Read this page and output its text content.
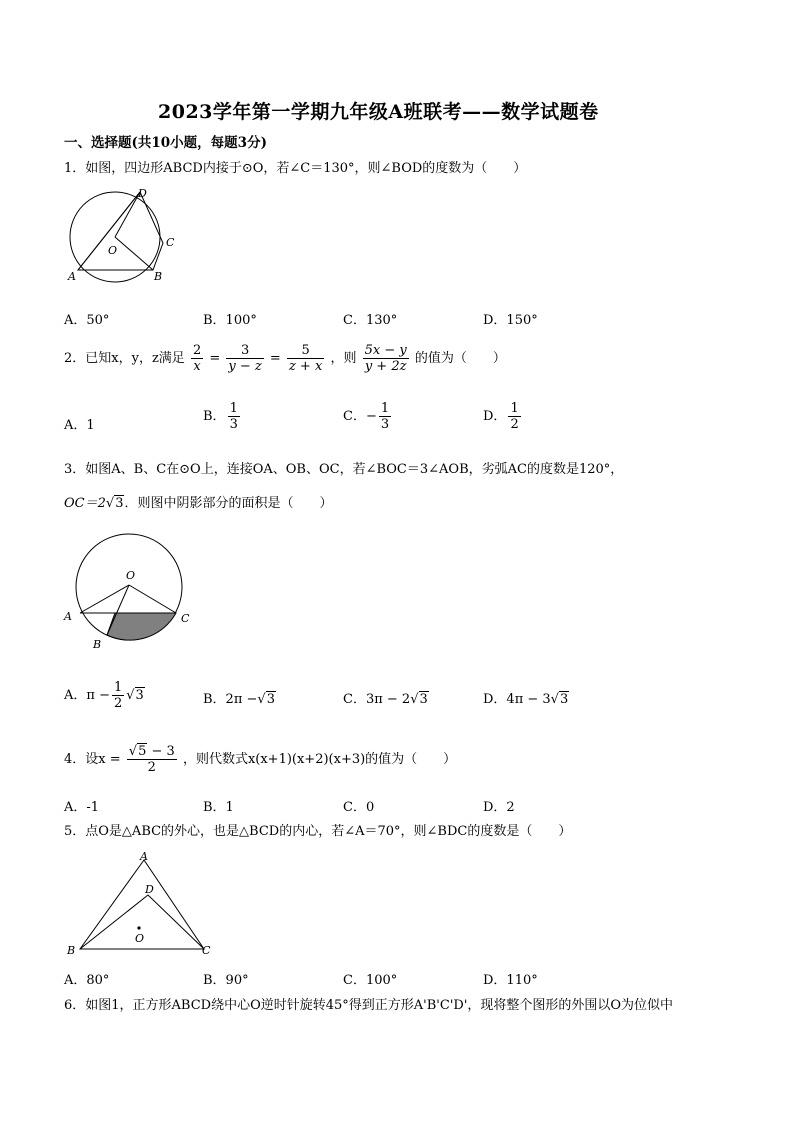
2023学年第一学期九年级A班联考——数学试题卷
一、选择题(共10小题，每题3分)
1．如图，四边形ABCD内接于⊙O，若∠C＝130°，则∠BOD的度数为（　　）
D
C
O
A	B
A．50°	B．100°	C．130°	D．150°
2．已知x，y，z满足 $\frac{2}{x} = \frac{3}{y - z} = \frac{5}{z + x}$ ，则 $\frac{5x - y}{y + 2z}$ 的值为（　　）
A．1
B． $\frac{1}{3}$	C．− $\frac{1}{3}$	D． $\frac{1}{2}$
3．如图A、B、C在⊙O上，连接OA、OB、OC，若∠BOC＝3∠AOB，劣弧AC的度数是120°，
OC＝2√3．则图中阴影部分的面积是（　　）
O
A	C
B
A．$\pi - \frac{1}{2} √3$	B．2π −√3	C．3π − 2√3	D．4π − 3√3
4．设$x = \frac{√5 - 3}{2}$ ，则代数式x(x+1)(x+2)(x+3)的值为（　　）
A．-1	B．1	C．0	D．2
5．点O是△ABC的外心，也是△BCD的内心，若∠A＝70°，则∠BDC的度数是（　　）
A
D
O
B	C
A．80°	B．90°	C．100°	D．110°
6．如图1，正方形ABCD绕中心O逆时针旋转45°得到正方形A'B'C'D'，现将整个图形的外围以O为位似中
